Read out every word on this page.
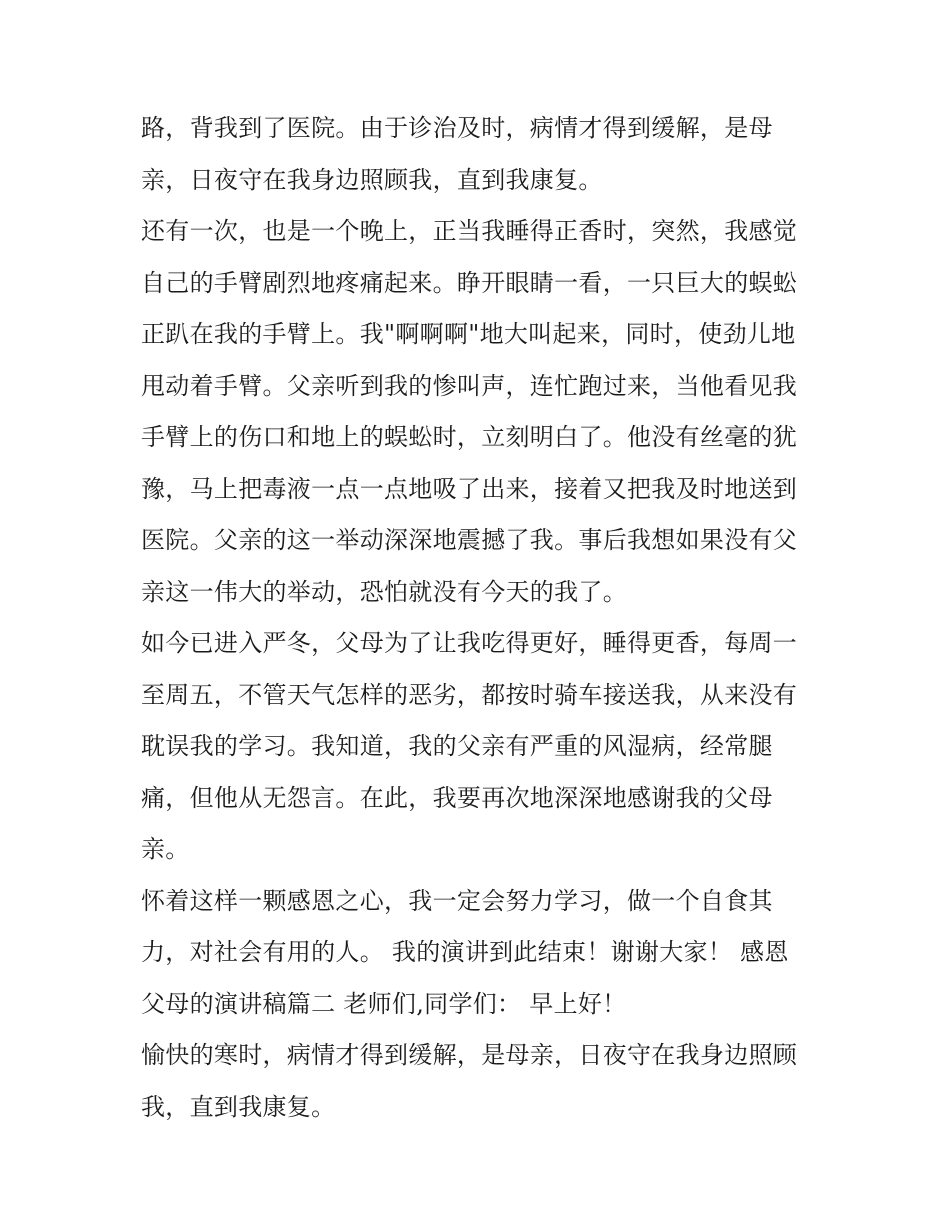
路，背我到了医院。由于诊治及时，病情才得到缓解，是母
亲，日夜守在我身边照顾我，直到我康复。
还有一次，也是一个晚上，正当我睡得正香时，突然，我感觉
自己的手臂剧烈地疼痛起来。睁开眼睛一看，一只巨大的蜈蚣
正趴在我的手臂上。我"啊啊啊"地大叫起来，同时，使劲儿地
甩动着手臂。父亲听到我的惨叫声，连忙跑过来，当他看见我
手臂上的伤口和地上的蜈蚣时，立刻明白了。他没有丝毫的犹
豫，马上把毒液一点一点地吸了出来，接着又把我及时地送到
医院。父亲的这一举动深深地震撼了我。事后我想如果没有父
亲这一伟大的举动，恐怕就没有今天的我了。
如今已进入严冬，父母为了让我吃得更好，睡得更香，每周一
至周五，不管天气怎样的恶劣，都按时骑车接送我，从来没有
耽误我的学习。我知道，我的父亲有严重的风湿病，经常腿
痛，但他从无怨言。在此，我要再次地深深地感谢我的父母
亲。
怀着这样一颗感恩之心，我一定会努力学习，做一个自食其
力，对社会有用的人。 我的演讲到此结束！谢谢大家！ 感恩
父母的演讲稿篇二 老师们,同学们： 早上好！
愉快的寒时，病情才得到缓解，是母亲，日夜守在我身边照顾
我，直到我康复。
